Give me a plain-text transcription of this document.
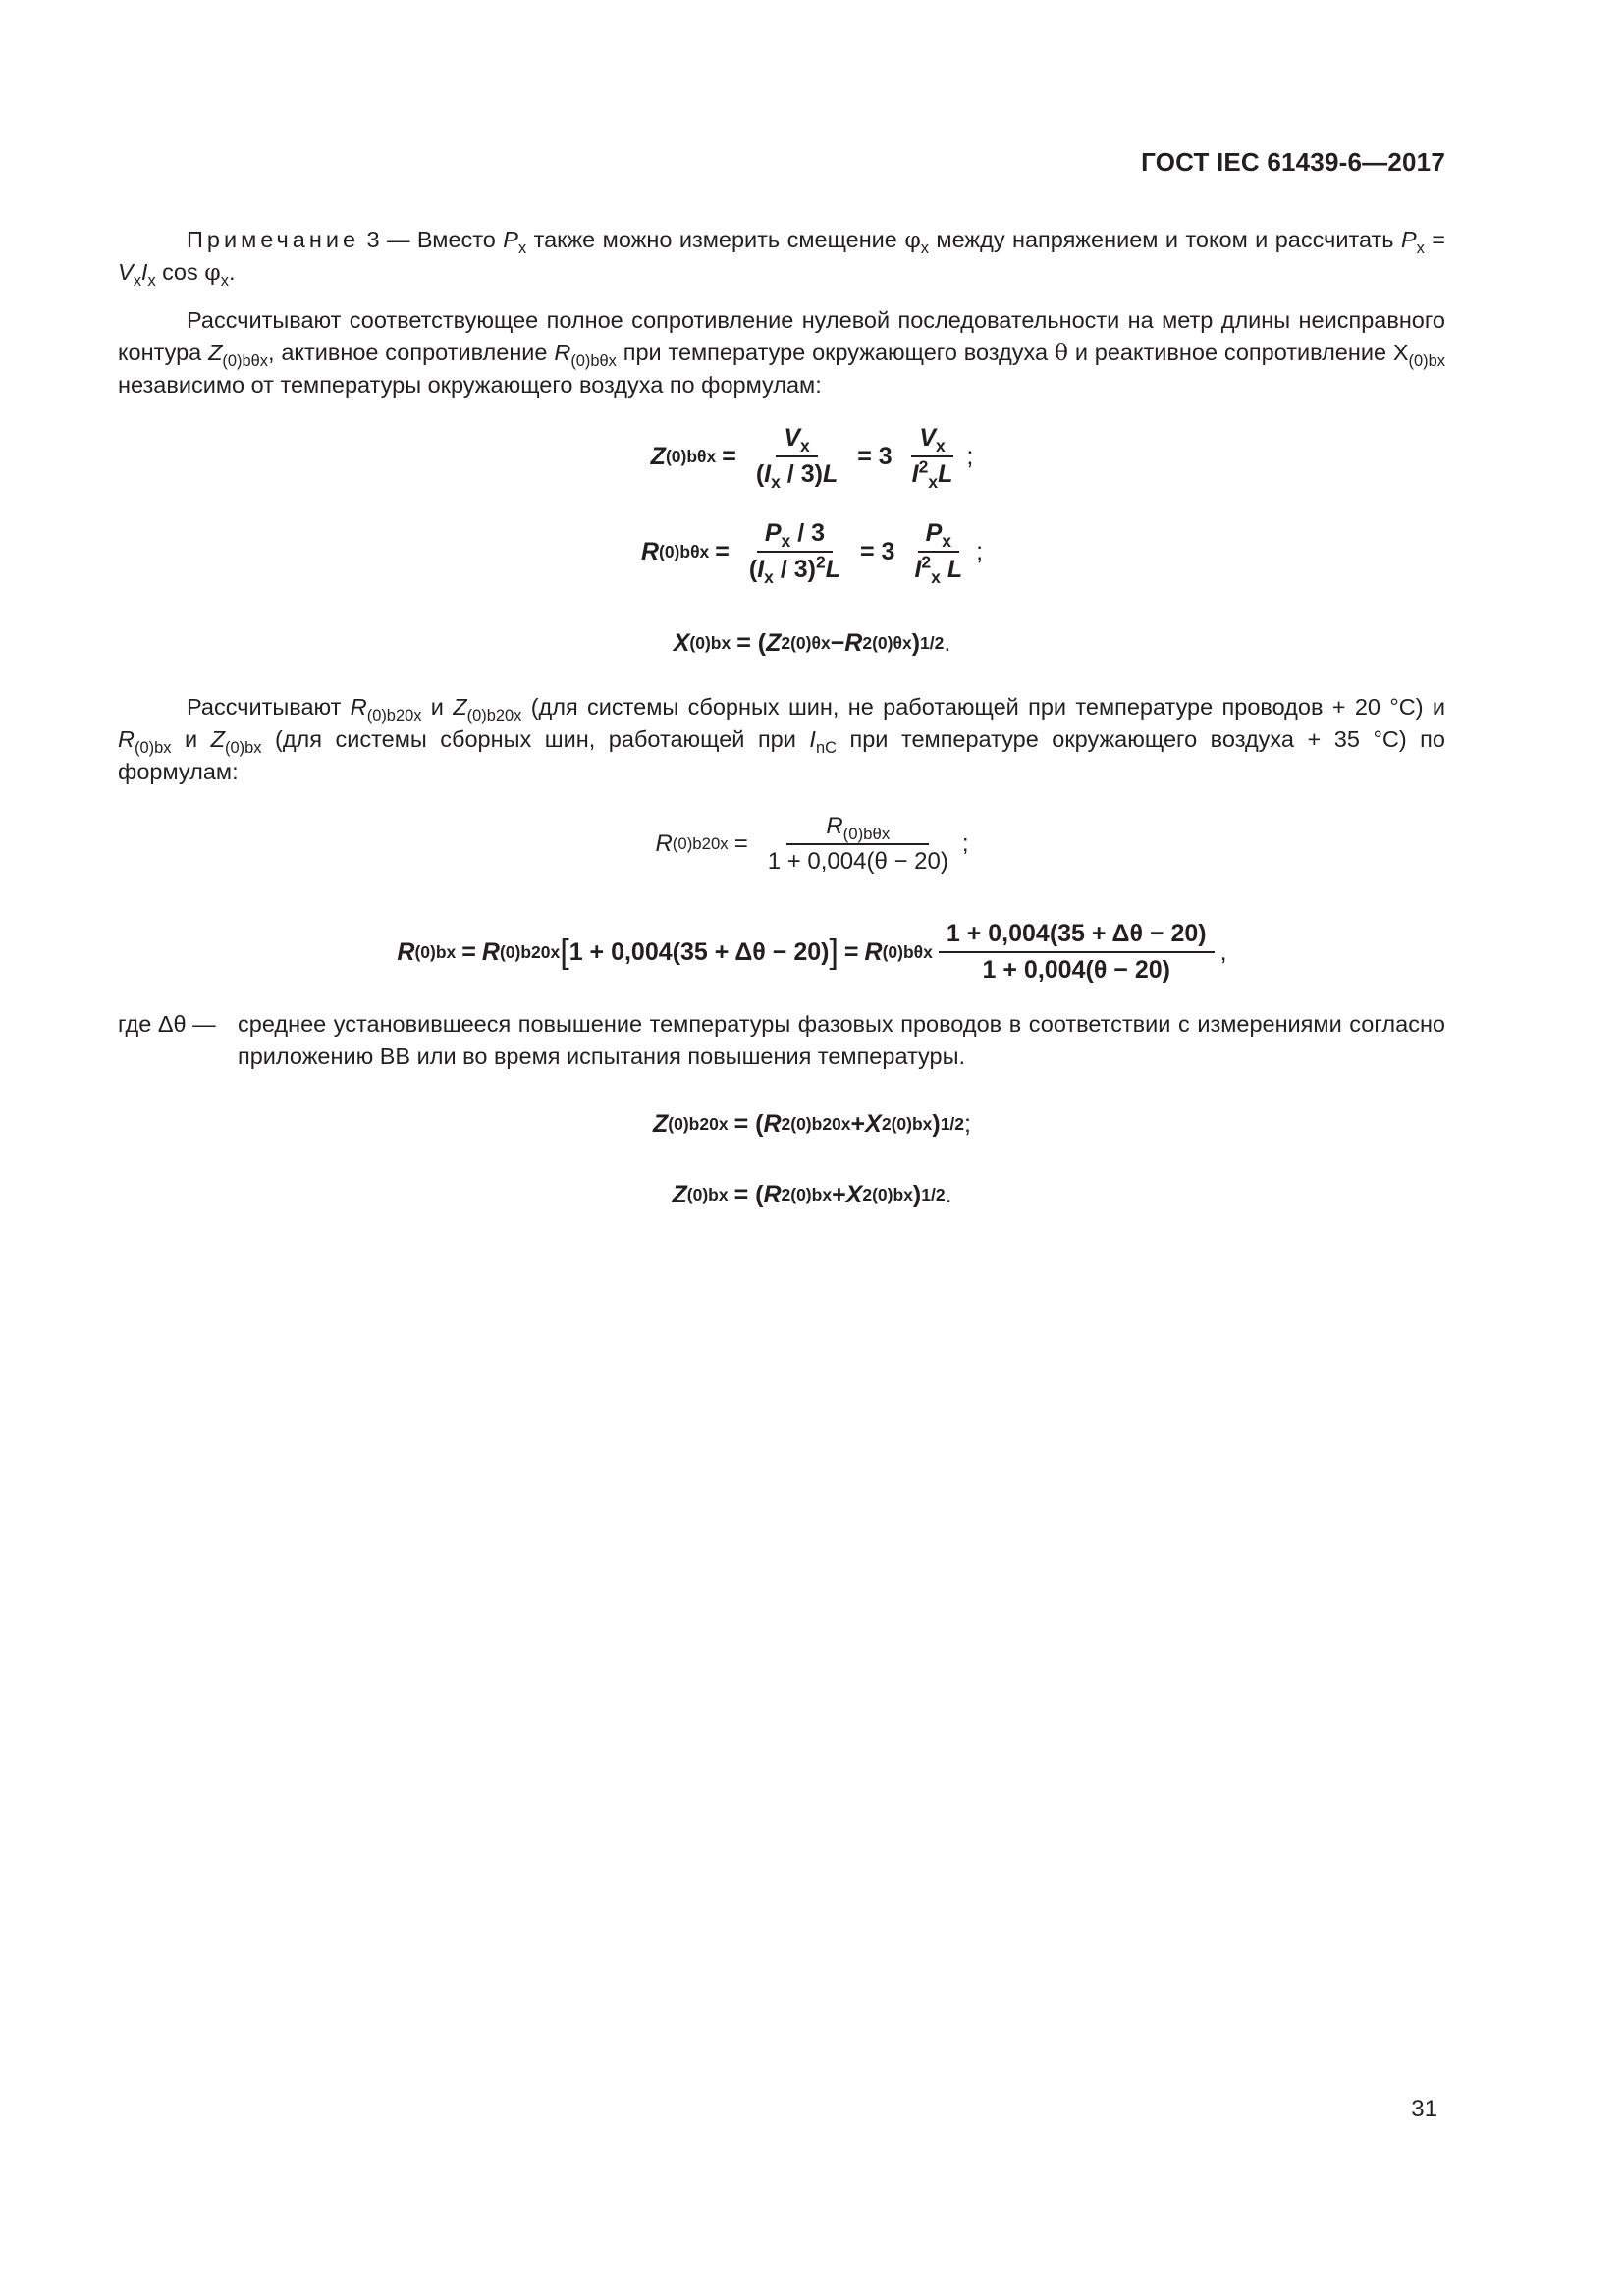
ГОСТ IEC 61439-6—2017
Примечание 3 — Вместо $P_x$ также можно измерить смещение $\varphi_x$ между напряжением и током и рассчитать $P_x = V_xI_x$ $\cos \varphi_x$.
Рассчитывают соответствующее полное сопротивление нулевой последовательности на метр длины неисправного контура $Z_{(0)b\theta x}$, активное сопротивление $R_{(0)b\theta x}$ при температуре окружающего воздуха θ и реактивное сопротивление $X_{(0)bx}$ независимо от температуры окружающего воздуха по формулам:
Z $(0)b\theta x = \frac{V_x}{(I_x / 3)L} = 3 \frac{V_x}{I^2_xL}$ ;
R $(0)b\theta x = \frac{P_x / 3}{(I_x / 3)^2L} = 3 \frac{P_x}{I^2_x L}$ ;
X (0)bx = ( Z 2 (0)θx − R 2 (0)θx ) 1/2 .
Рассчитывают $R_{(0)b20x}$ и $Z_{(0)b20x}$ (для системы сборных шин, не работающей при температуре проводов + 20 °С) и $R_{(0)bx}$ и $Z_{(0)bx}$ (для системы сборных шин, работающей при $I_{nC}$ при температуре окружающего воздуха + 35 °С) по формулам:
R $(0)b20x = \frac{R_{(0)b\theta x}}{1 + 0,004(\theta - 20)}$ ;
R (0)bx = R (0)b20x [ 1 + 0,004(35 + Δθ − 20) ] = R $(0)b\theta x \frac{1 + 0,004(35 + \Delta\theta - 20)}{1 + 0,004(\theta - 20)}$ ,
где Δθ — среднее установившееся повышение температуры фазовых проводов в соответствии с измерениями согласно приложению ВВ или во время испытания повышения температуры.
Z (0)b20x = ( R 2 (0)b20x + X 2 (0)bx ) 1/2 ;
Z (0)bx = ( R 2 (0)bx + X 2 (0)bx ) 1/2 .
31
